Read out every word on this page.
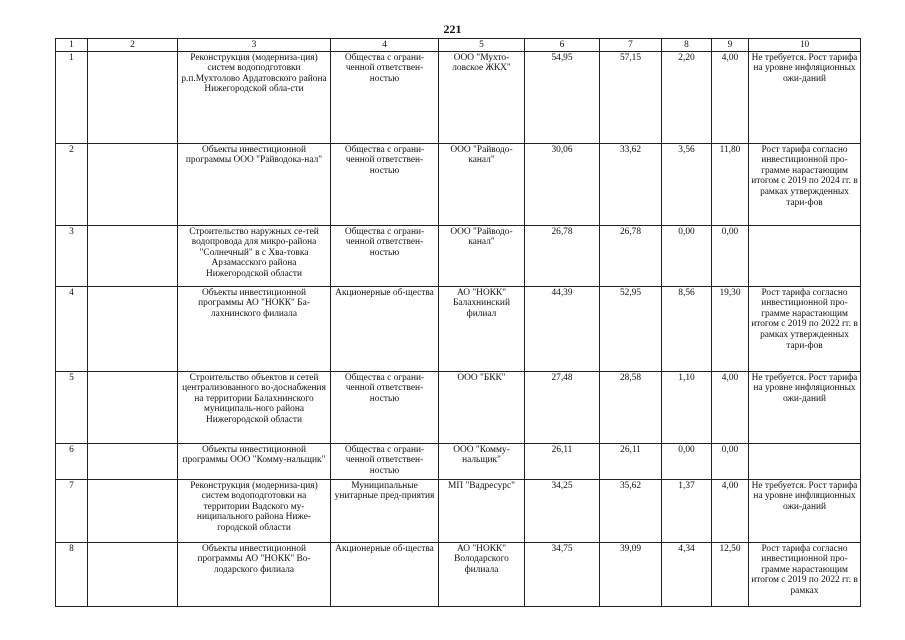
221
1	2	3	4	5	6	7	8	9	10
1		Реконструкция (модерниза-ция) систем водоподготовки р.п.Мухтолово Ардатовского района Нижегородской обла-сти	Общества с ограни-ченной ответствен-ностью	ООО "Мухто-ловское ЖКХ"	54,95	57,15	2,20	4,00	Не требуется. Рост тарифа на уровне инфляционных ожи-даний
2		Объекты инвестиционной программы ООО "Райводока-нал"	Общества с ограни-ченной ответствен-ностью	ООО "Райводо-канал"	30,06	33,62	3,56	11,80	Рост тарифа согласно инвестиционной про-грамме нарастающим итогом с 2019 по 2024 гг. в рамках утвержденных тари-фов
3		Строительство наружных се-тей водопровода для микро-района "Солнечный" в с Хва-товка Арзамасского района Нижегородской области	Общества с ограни-ченной ответствен-ностью	ООО "Райводо-канал"	26,78	26,78	0,00	0,00	
4		Объекты инвестиционной программы АО "НОКК" Ба-лахнинского филиала	Акционерные об-щества	АО "НОКК" Балахнинский филиал	44,39	52,95	8,56	19,30	Рост тарифа согласно инвестиционной про-грамме нарастающим итогом с 2019 по 2022 гг. в рамках утвержденных тари-фов
5		Строительство объектов и сетей централизованного во-доснабжения на территории Балахнинского муниципаль-ного района Нижегородской области	Общества с ограни-ченной ответствен-ностью	ООО "БКК"	27,48	28,58	1,10	4,00	Не требуется. Рост тарифа на уровне инфляционных ожи-даний
6		Объекты инвестиционной программы ООО "Комму-нальщик"	Общества с ограни-ченной ответствен-ностью	ООО "Комму-нальщик"	26,11	26,11	0,00	0,00	
7		Реконструкция (модерниза-ция) систем водоподготовки на территории Вадского му-ниципального района Ниже-городской области	Муниципальные унитарные пред-приятия	МП "Вадресурс"	34,25	35,62	1,37	4,00	Не требуется. Рост тарифа на уровне инфляционных ожи-даний
8		Объекты инвестиционной программы АО "НОКК" Во-лодарского филиала	Акционерные об-щества	АО "НОКК" Володарского филиала	34,75	39,09	4,34	12,50	Рост тарифа согласно инвестиционной про-грамме нарастающим итогом с 2019 по 2022 гг. в рамках
